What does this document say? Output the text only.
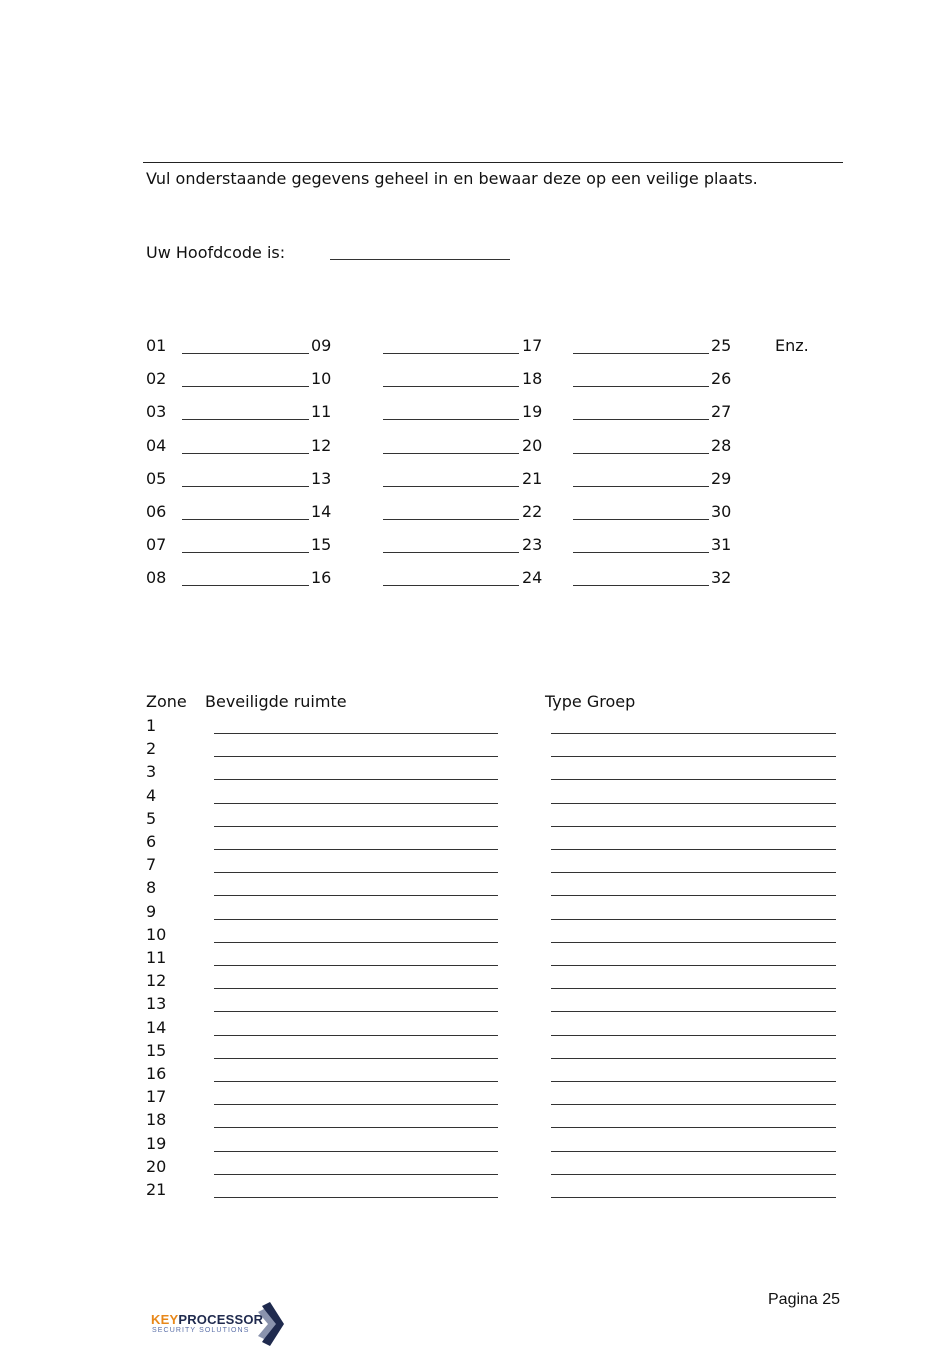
Vul onderstaande gegevens geheel in en bewaar deze op een veilige plaats.
Uw Hoofdcode is:
01	09	17	25
02	10	18	26
03	11	19	27
04	12	20	28
05	13	21	29
06	14	22	30
07	15	23	31
08	16	24	32
Enz.
Zone Beveiligde ruimte	Type Groep
1
2
3
4
5
6
7
8
9
10
11
12
13
14
15
16
17
18
19
20
21
KEYPROCESSOR
SECURITY SOLUTIONS
Pagina 25
